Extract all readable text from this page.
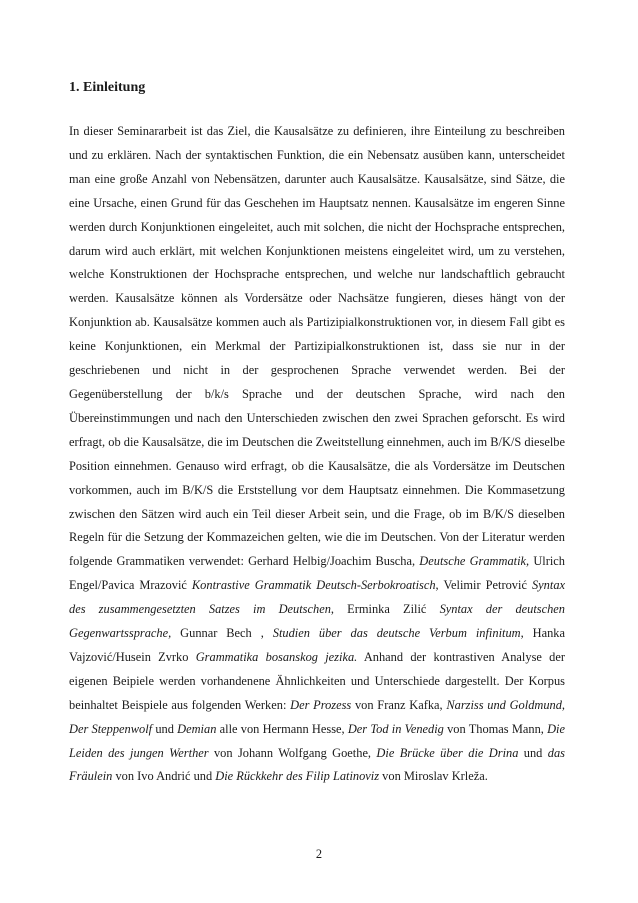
1. Einleitung

In dieser Seminararbeit ist das Ziel, die Kausalsätze zu definieren, ihre Einteilung zu beschreiben und zu erklären. Nach der syntaktischen Funktion, die ein Nebensatz ausüben kann, unterscheidet man eine große Anzahl von Nebensätzen, darunter auch Kausalsätze. Kausalsätze, sind Sätze, die eine Ursache, einen Grund für das Geschehen im Hauptsatz nennen. Kausalsätze im engeren Sinne werden durch Konjunktionen eingeleitet, auch mit solchen, die nicht der Hochsprache entsprechen, darum wird auch erklärt, mit welchen Konjunktionen meistens eingeleitet wird, um zu verstehen, welche Konstruktionen der Hochsprache entsprechen, und welche nur landschaftlich gebraucht werden. Kausalsätze können als Vordersätze oder Nachsätze fungieren, dieses hängt von der Konjunktion ab. Kausalsätze kommen auch als Partizipialkonstruktionen vor, in diesem Fall gibt es keine Konjunktionen, ein Merkmal der Partizipialkonstruktionen ist, dass sie nur in der geschriebenen und nicht in der gesprochenen Sprache verwendet werden. Bei der Gegenüberstellung der b/k/s Sprache und der deutschen Sprache, wird nach den Übereinstimmungen und nach den Unterschieden zwischen den zwei Sprachen geforscht. Es wird erfragt, ob die Kausalsätze, die im Deutschen die Zweitstellung einnehmen, auch im B/K/S dieselbe Position einnehmen. Genauso wird erfragt, ob die Kausalsätze, die als Vordersätze im Deutschen vorkommen, auch im B/K/S die Erststellung vor dem Hauptsatz einnehmen. Die Kommasetzung zwischen den Sätzen wird auch ein Teil dieser Arbeit sein, und die Frage, ob im B/K/S dieselben Regeln für die Setzung der Kommazeichen gelten, wie die im Deutschen. Von der Literatur werden folgende Grammatiken verwendet: Gerhard Helbig/Joachim Buscha, Deutsche Grammatik, Ulrich Engel/Pavica Mrazović Kontrastive Grammatik Deutsch-Serbokroatisch, Velimir Petrović Syntax des zusammengesetzten Satzes im Deutschen, Erminka Zilić Syntax der deutschen Gegenwartssprache, Gunnar Bech , Studien über das deutsche Verbum infinitum, Hanka Vajzović/Husein Zvrko Grammatika bosanskog jezika. Anhand der kontrastiven Analyse der eigenen Beipiele werden vorhandenene Ähnlichkeiten und Unterschiede dargestellt. Der Korpus beinhaltet Beispiele aus folgenden Werken: Der Prozess von Franz Kafka, Narziss und Goldmund, Der Steppenwolf und Demian alle von Hermann Hesse, Der Tod in Venedig von Thomas Mann, Die Leiden des jungen Werther von Johann Wolfgang Goethe, Die Brücke über die Drina und das Fräulein von Ivo Andrić und Die Rückkehr des Filip Latinoviz von Miroslav Krleža.

2
